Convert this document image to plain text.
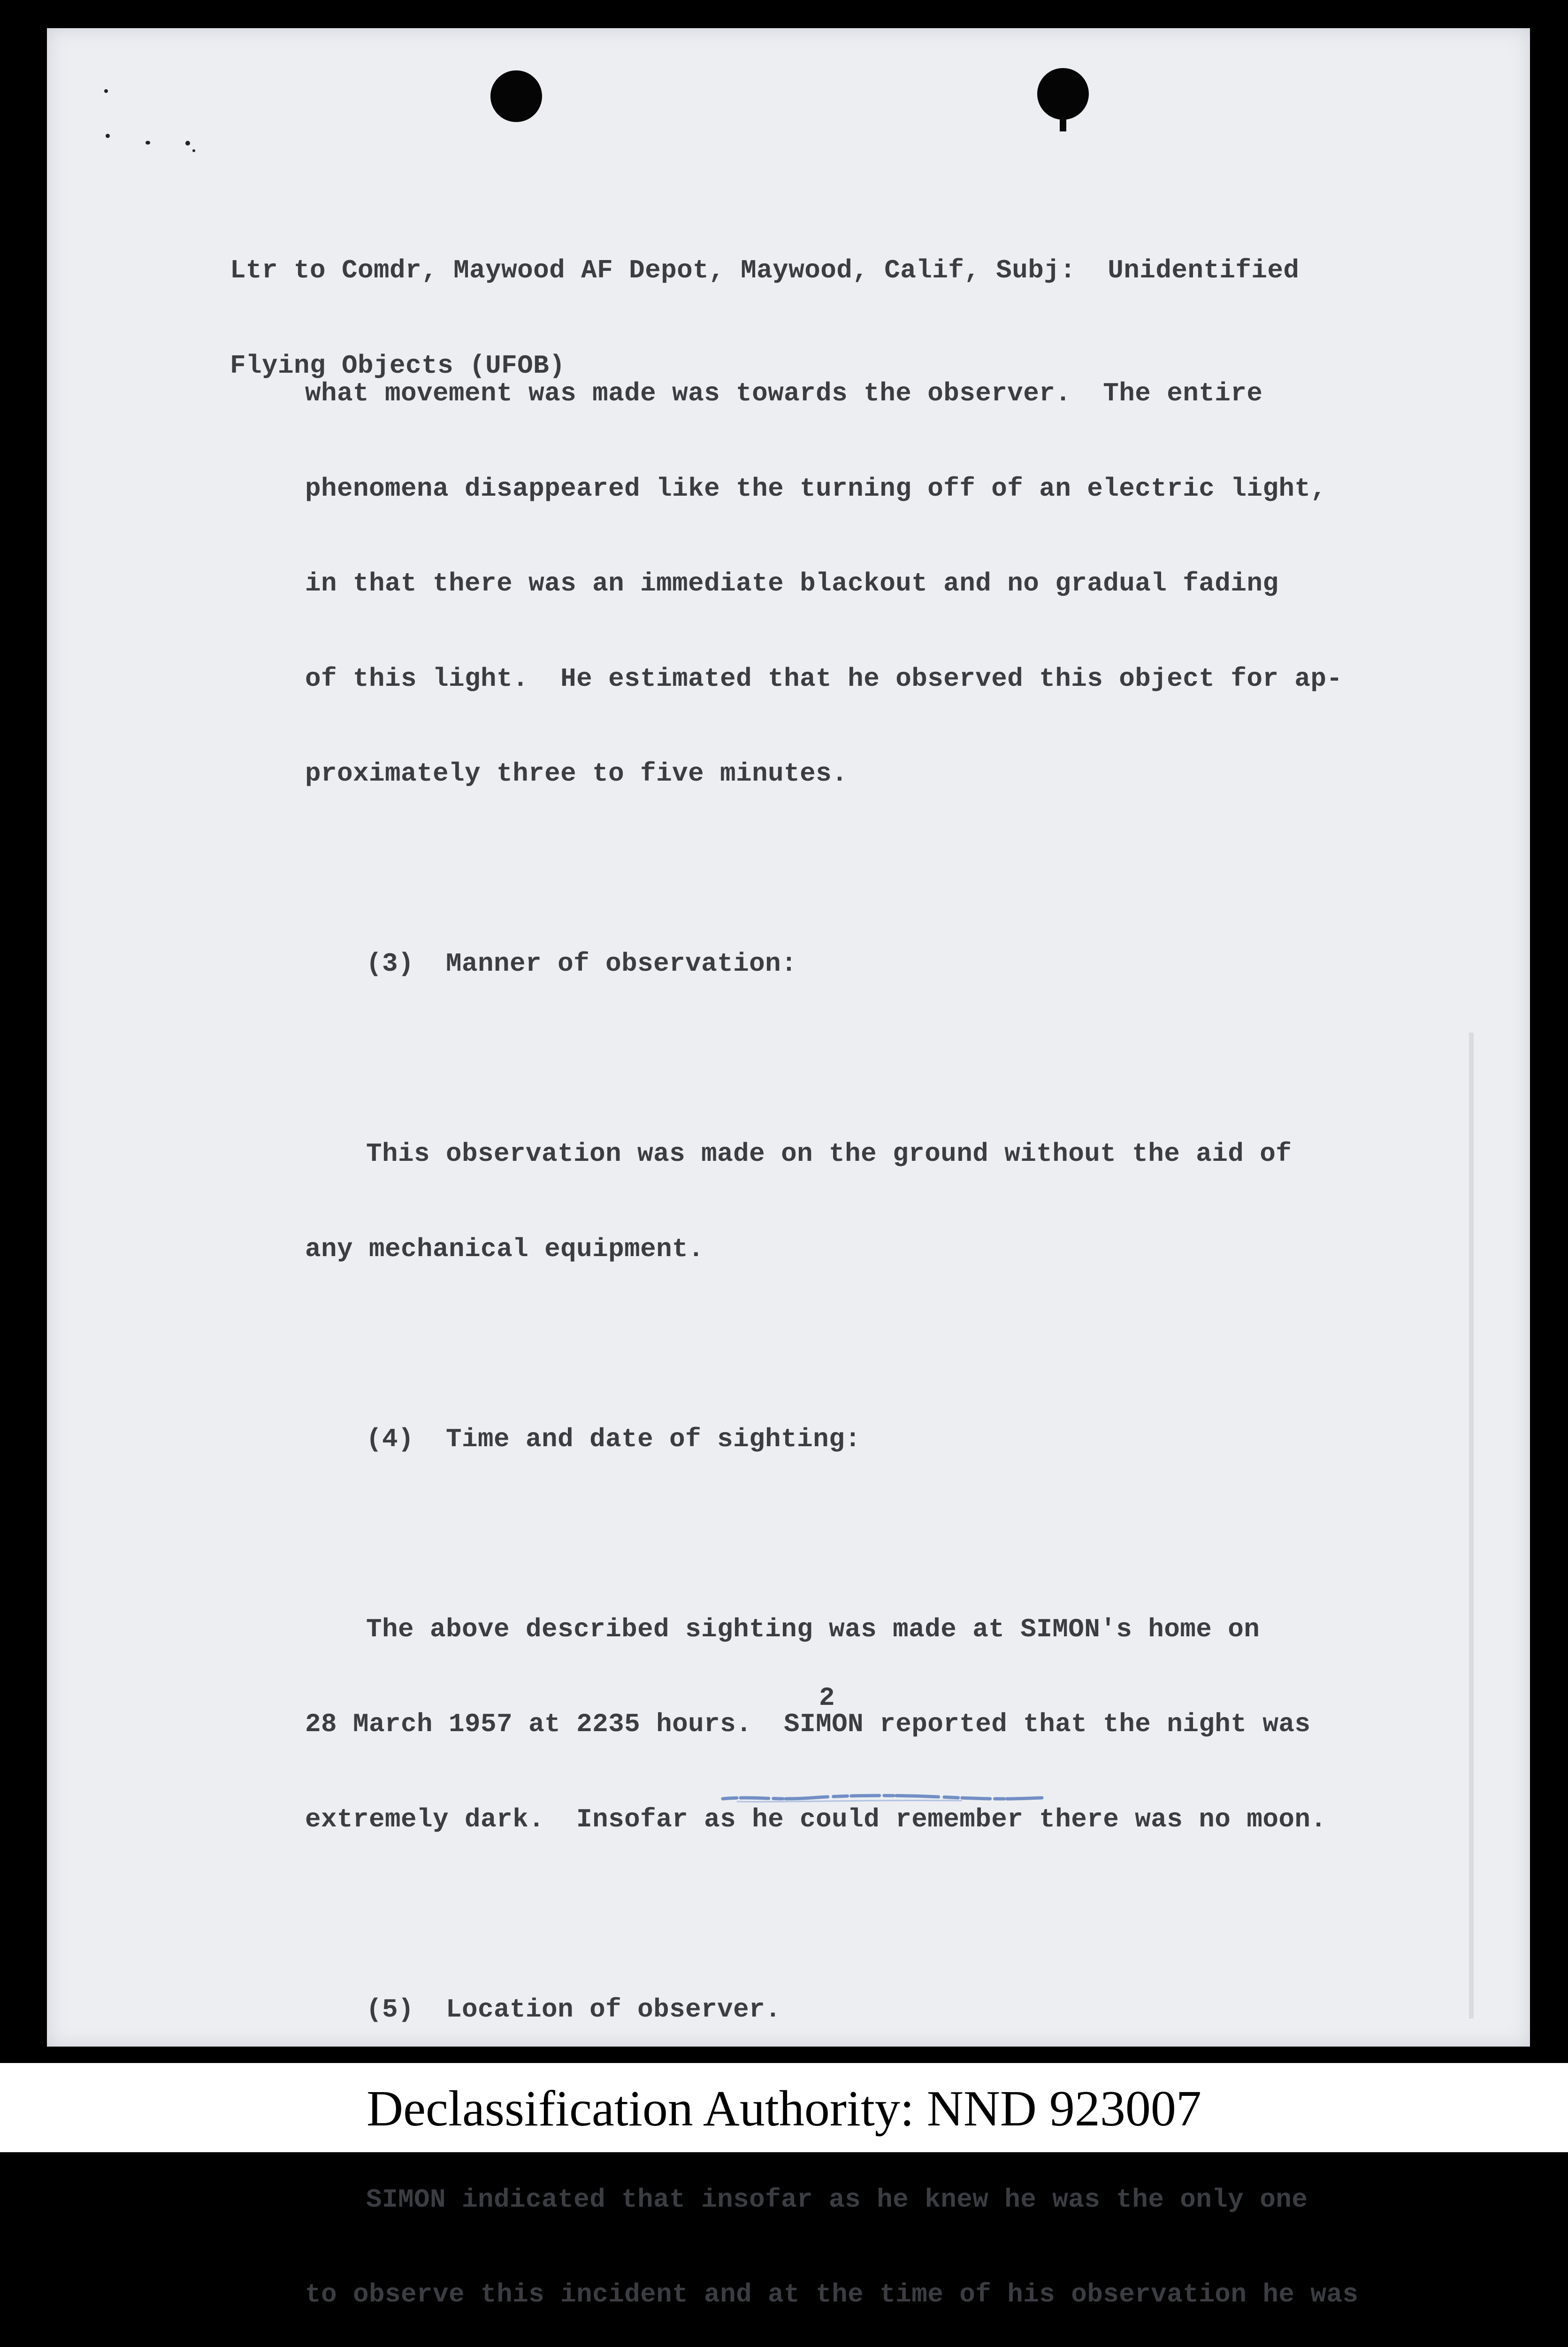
Ltr to Comdr, Maywood AF Depot, Maywood, Calif, Subj:  Unidentified

Flying Objects (UFOB)

what movement was made was towards the observer.  The entire

phenomena disappeared like the turning off of an electric light,

in that there was an immediate blackout and no gradual fading

of this light.  He estimated that he observed this object for ap-

proximately three to five minutes.

(3)  Manner of observation:

This observation was made on the ground without the aid of

any mechanical equipment.

(4)  Time and date of sighting:

The above described sighting was made at SIMON's home on

28 March 1957 at 2235 hours.  SIMON reported that the night was

extremely dark.  Insofar as he could remember there was no moon.

(5)  Location of observer.

SIMON indicated that insofar as he knew he was the only one

to observe this incident and at the time of his observation he was

2
Declassification Authority: NND 923007
